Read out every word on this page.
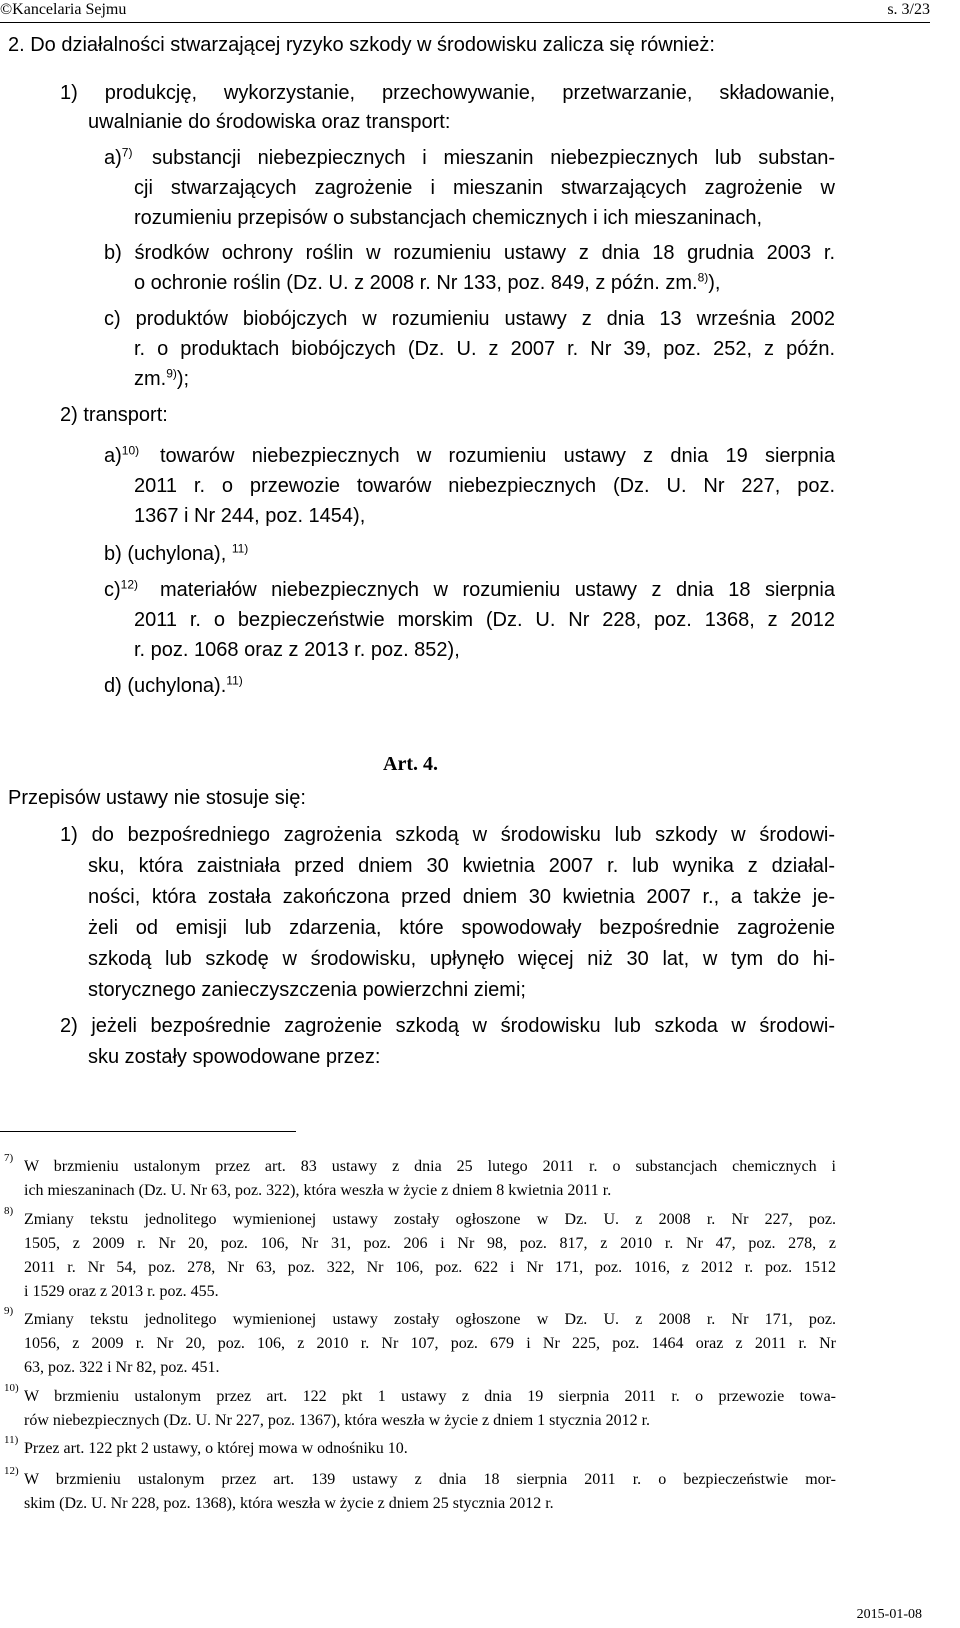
©Kancelaria Sejmu	s. 3/23
2. Do działalności stwarzającej ryzyko szkody w środowisku zalicza się również:
1) produkcję, wykorzystanie, przechowywanie, przetwarzanie, składowanie,
uwalnianie do środowiska oraz transport:
a)$^{7)}$ substancji niebezpiecznych i mieszanin niebezpiecznych lub substan-
cji stwarzających zagrożenie i mieszanin stwarzających zagrożenie w
rozumieniu przepisów o substancjach chemicznych i ich mieszaninach,
b) środków ochrony roślin w rozumieniu ustawy z dnia 18 grudnia 2003 r.
o ochronie roślin (Dz. U. z 2008 r. Nr 133, poz. 849, z późn. zm.$^{8)}$),
c) produktów biobójczych w rozumieniu ustawy z dnia 13 września 2002
r. o produktach biobójczych (Dz. U. z 2007 r. Nr 39, poz. 252, z późn.
zm.$^{9)}$);
2) transport:
a)$^{10)}$ towarów niebezpiecznych w rozumieniu ustawy z dnia 19 sierpnia
2011 r. o przewozie towarów niebezpiecznych (Dz. U. Nr 227, poz.
1367 i Nr 244, poz. 1454),
b) (uchylona), $^{11)}$
c)$^{12)}$ materiałów niebezpiecznych w rozumieniu ustawy z dnia 18 sierpnia
2011 r. o bezpieczeństwie morskim (Dz. U. Nr 228, poz. 1368, z 2012
r. poz. 1068 oraz z 2013 r. poz. 852),
d) (uchylona).$^{11)}$
Art. 4.
Przepisów ustawy nie stosuje się:
1) do bezpośredniego zagrożenia szkodą w środowisku lub szkody w środowi-
sku, która zaistniała przed dniem 30 kwietnia 2007 r. lub wynika z działal-
ności, która została zakończona przed dniem 30 kwietnia 2007 r., a także je-
żeli od emisji lub zdarzenia, które spowodowały bezpośrednie zagrożenie
szkodą lub szkodę w środowisku, upłynęło więcej niż 30 lat, w tym do hi-
storycznego zanieczyszczenia powierzchni ziemi;
2) jeżeli bezpośrednie zagrożenie szkodą w środowisku lub szkoda w środowi-
sku zostały spowodowane przez:
7) W brzmieniu ustalonym przez art. 83 ustawy z dnia 25 lutego 2011 r. o substancjach chemicznych i
ich mieszaninach (Dz. U. Nr 63, poz. 322), która weszła w życie z dniem 8 kwietnia 2011 r.
8) Zmiany tekstu jednolitego wymienionej ustawy zostały ogłoszone w Dz. U. z 2008 r. Nr 227, poz.
1505, z 2009 r. Nr 20, poz. 106, Nr 31, poz. 206 i Nr 98, poz. 817, z 2010 r. Nr 47, poz. 278, z
2011 r. Nr 54, poz. 278, Nr 63, poz. 322, Nr 106, poz. 622 i Nr 171, poz. 1016, z 2012 r. poz. 1512
i 1529 oraz z 2013 r. poz. 455.
9) Zmiany tekstu jednolitego wymienionej ustawy zostały ogłoszone w Dz. U. z 2008 r. Nr 171, poz.
1056, z 2009 r. Nr 20, poz. 106, z 2010 r. Nr 107, poz. 679 i Nr 225, poz. 1464 oraz z 2011 r. Nr
63, poz. 322 i Nr 82, poz. 451.
10) W brzmieniu ustalonym przez art. 122 pkt 1 ustawy z dnia 19 sierpnia 2011 r. o przewozie towa-
rów niebezpiecznych (Dz. U. Nr 227, poz. 1367), która weszła w życie z dniem 1 stycznia 2012 r.
11) Przez art. 122 pkt 2 ustawy, o której mowa w odnośniku 10.
12) W brzmieniu ustalonym przez art. 139 ustawy z dnia 18 sierpnia 2011 r. o bezpieczeństwie mor-
skim (Dz. U. Nr 228, poz. 1368), która weszła w życie z dniem 25 stycznia 2012 r.
2015-01-08
